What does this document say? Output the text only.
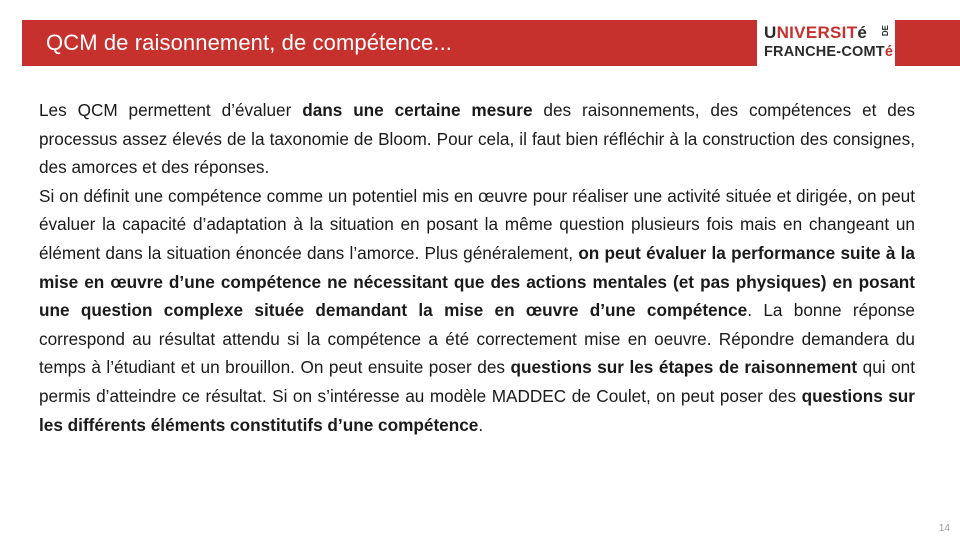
QCM de raisonnement, de compétence...	UNIVERSITé
FRANCHE-COMTé
DE

Les QCM permettent d’évaluer dans une certaine mesure des raisonnements, des compétences et des processus assez élevés de la taxonomie de Bloom. Pour cela, il faut bien réfléchir à la construction des consignes, des amorces et des réponses.

Si on définit une compétence comme un potentiel mis en œuvre pour réaliser une activité située et dirigée, on peut évaluer la capacité d’adaptation à la situation en posant la même question plusieurs fois mais en changeant un élément dans la situation énoncée dans l’amorce. Plus généralement, on peut évaluer la performance suite à la mise en œuvre d’une compétence ne nécessitant que des actions mentales (et pas physiques) en posant une question complexe située demandant la mise en œuvre d’une compétence. La bonne réponse correspond au résultat attendu si la compétence a été correctement mise en oeuvre. Répondre demandera du temps à l’étudiant et un brouillon. On peut ensuite poser des questions sur les étapes de raisonnement qui ont permis d’atteindre ce résultat. Si on s’intéresse au modèle MADDEC de Coulet, on peut poser des questions sur les différents éléments constitutifs d’une compétence.

14
